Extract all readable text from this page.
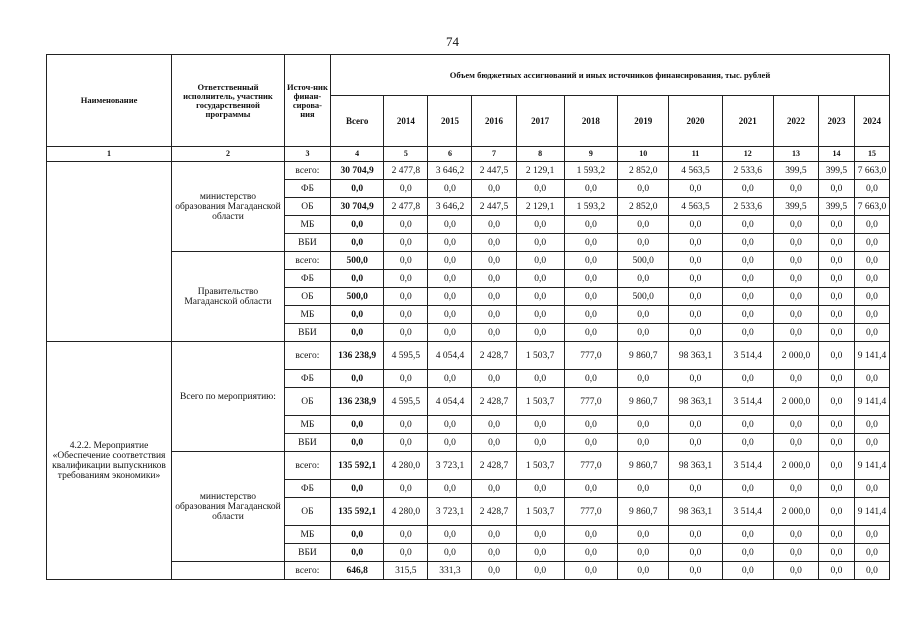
74
Наименование	Ответственный исполнитель, участник государственной программы	Источ-ник финан-сирова-ния	Объем бюджетных ассигнований и иных источников финансирования, тыс. рублей											
			Всего	2014	2015	2016	2017	2018	2019	2020	2021	2022	2023	2024
1	2	3	4	5	6	7	8	9	10	11	12	13	14	15
	министерство образования Магаданской области	всего:	30 704,9	2 477,8	3 646,2	2 447,5	2 129,1	1 593,2	2 852,0	4 563,5	2 533,6	399,5	399,5	7 663,0
		ФБ	0,0	0,0	0,0	0,0	0,0	0,0	0,0	0,0	0,0	0,0	0,0	0,0
		ОБ	30 704,9	2 477,8	3 646,2	2 447,5	2 129,1	1 593,2	2 852,0	4 563,5	2 533,6	399,5	399,5	7 663,0
		МБ	0,0	0,0	0,0	0,0	0,0	0,0	0,0	0,0	0,0	0,0	0,0	0,0
		ВБИ	0,0	0,0	0,0	0,0	0,0	0,0	0,0	0,0	0,0	0,0	0,0	0,0
	Правительство Магаданской области	всего:	500,0	0,0	0,0	0,0	0,0	0,0	500,0	0,0	0,0	0,0	0,0	0,0
		ФБ	0,0	0,0	0,0	0,0	0,0	0,0	0,0	0,0	0,0	0,0	0,0	0,0
		ОБ	500,0	0,0	0,0	0,0	0,0	0,0	500,0	0,0	0,0	0,0	0,0	0,0
		МБ	0,0	0,0	0,0	0,0	0,0	0,0	0,0	0,0	0,0	0,0	0,0	0,0
		ВБИ	0,0	0,0	0,0	0,0	0,0	0,0	0,0	0,0	0,0	0,0	0,0	0,0
4.2.2. Мероприятие «Обеспечение соответствия квалификации выпускников требованиям экономики»	Всего по мероприятию:	всего:	136 238,9	4 595,5	4 054,4	2 428,7	1 503,7	777,0	9 860,7	98 363,1	3 514,4	2 000,0	0,0	9 141,4
		ФБ	0,0	0,0	0,0	0,0	0,0	0,0	0,0	0,0	0,0	0,0	0,0	0,0
		ОБ	136 238,9	4 595,5	4 054,4	2 428,7	1 503,7	777,0	9 860,7	98 363,1	3 514,4	2 000,0	0,0	9 141,4
		МБ	0,0	0,0	0,0	0,0	0,0	0,0	0,0	0,0	0,0	0,0	0,0	0,0
		ВБИ	0,0	0,0	0,0	0,0	0,0	0,0	0,0	0,0	0,0	0,0	0,0	0,0
	министерство образования Магаданской области	всего:	135 592,1	4 280,0	3 723,1	2 428,7	1 503,7	777,0	9 860,7	98 363,1	3 514,4	2 000,0	0,0	9 141,4
		ФБ	0,0	0,0	0,0	0,0	0,0	0,0	0,0	0,0	0,0	0,0	0,0	0,0
		ОБ	135 592,1	4 280,0	3 723,1	2 428,7	1 503,7	777,0	9 860,7	98 363,1	3 514,4	2 000,0	0,0	9 141,4
		МБ	0,0	0,0	0,0	0,0	0,0	0,0	0,0	0,0	0,0	0,0	0,0	0,0
		ВБИ	0,0	0,0	0,0	0,0	0,0	0,0	0,0	0,0	0,0	0,0	0,0	0,0
		всего:	646,8	315,5	331,3	0,0	0,0	0,0	0,0	0,0	0,0	0,0	0,0	0,0
